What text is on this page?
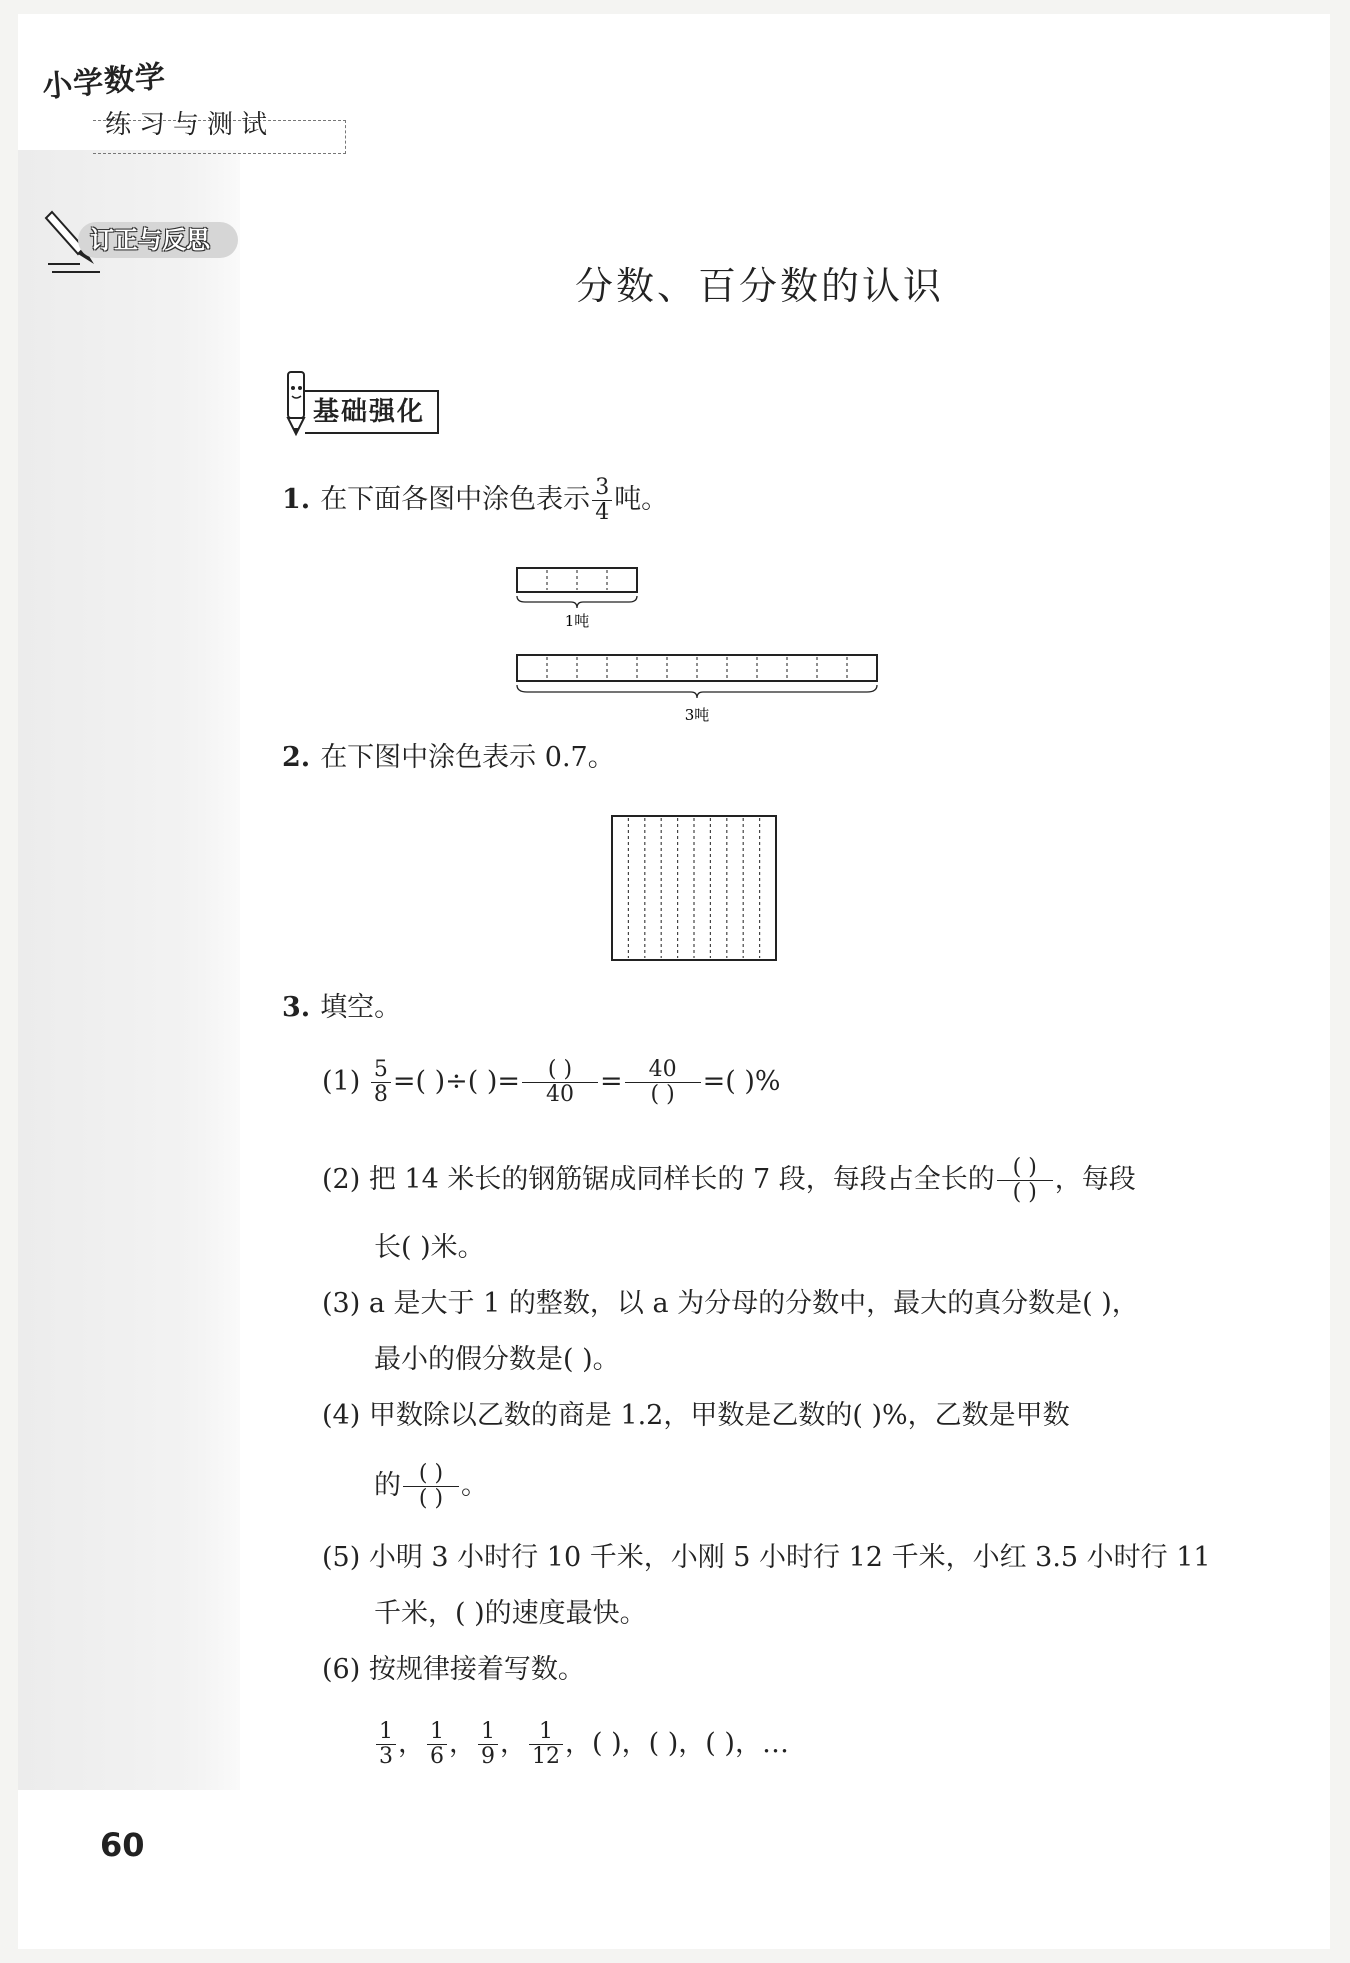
小学数学
练习与测试
订正与反思
分数、百分数的认识
基础强化
1. 在下面各图中涂色表示 $\frac{3}{4}$ 吨。
1吨
3吨
2. 在下图中涂色表示 0.7。
3. 填空。
$(1) \frac{5}{8}$ =( )÷( )= $\frac{( )}{40} = \frac{40}{( )}$ =( )%
(2) 把 14 米长的钢筋锯成同样长的 7 段，每段占全长的 $\frac{( )}{( )}$ ，每段
长( )米。
(3) a 是大于 1 的整数，以 a 为分母的分数中，最大的真分数是( )，
最小的假分数是( )。
(4) 甲数除以乙数的商是 1.2，甲数是乙数的( )%，乙数是甲数
的 $\frac{( )}{( )}$ 。
(5) 小明 3 小时行 10 千米，小刚 5 小时行 12 千米，小红 3.5 小时行 11
千米，( )的速度最快。
(6) 按规律接着写数。
$\frac{1}{3}$ ， $\frac{1}{6}$ ， $\frac{1}{9}$ ， $\frac{1}{12}$ ，( )，( )，( )，…
60
